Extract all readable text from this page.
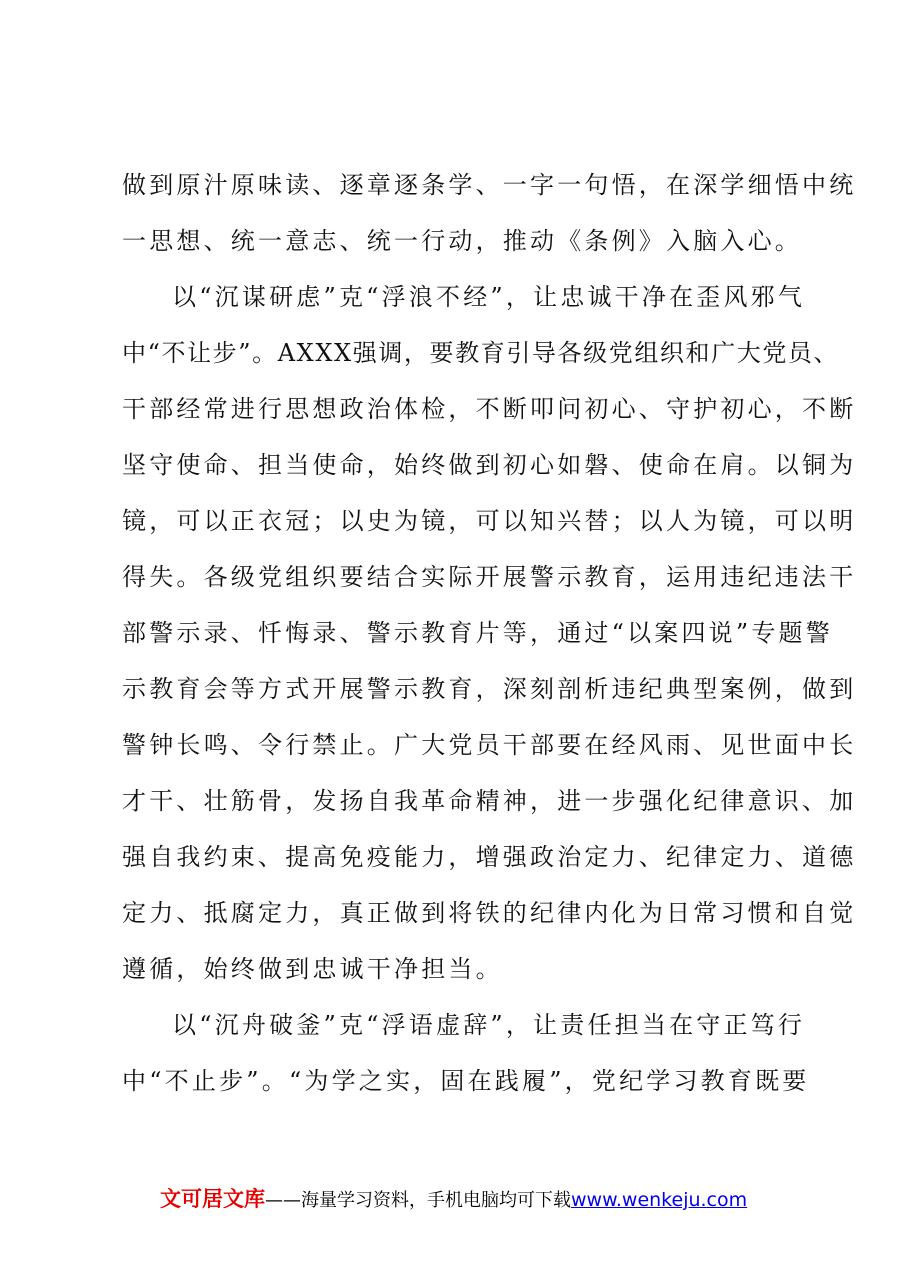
做到原汁原味读、逐章逐条学、一字一句悟，在深学细悟中统
一思想、统一意志、统一行动，推动《条例》入脑入心。
以“沉谋研虑”克“浮浪不经”，让忠诚干净在歪风邪气
中“不让步”。AXXX强调，要教育引导各级党组织和广大党员、
干部经常进行思想政治体检，不断叩问初心、守护初心，不断
坚守使命、担当使命，始终做到初心如磐、使命在肩。以铜为
镜，可以正衣冠；以史为镜，可以知兴替；以人为镜，可以明
得失。各级党组织要结合实际开展警示教育，运用违纪违法干
部警示录、忏悔录、警示教育片等，通过“以案四说”专题警
示教育会等方式开展警示教育，深刻剖析违纪典型案例，做到
警钟长鸣、令行禁止。广大党员干部要在经风雨、见世面中长
才干、壮筋骨，发扬自我革命精神，进一步强化纪律意识、加
强自我约束、提高免疫能力，增强政治定力、纪律定力、道德
定力、抵腐定力，真正做到将铁的纪律内化为日常习惯和自觉
遵循，始终做到忠诚干净担当。
以“沉舟破釜”克“浮语虚辞”，让责任担当在守正笃行
中“不止步”。“为学之实，固在践履”，党纪学习教育既要
文可居文库——海量学习资料，手机电脑均可下载www.wenkeju.com
